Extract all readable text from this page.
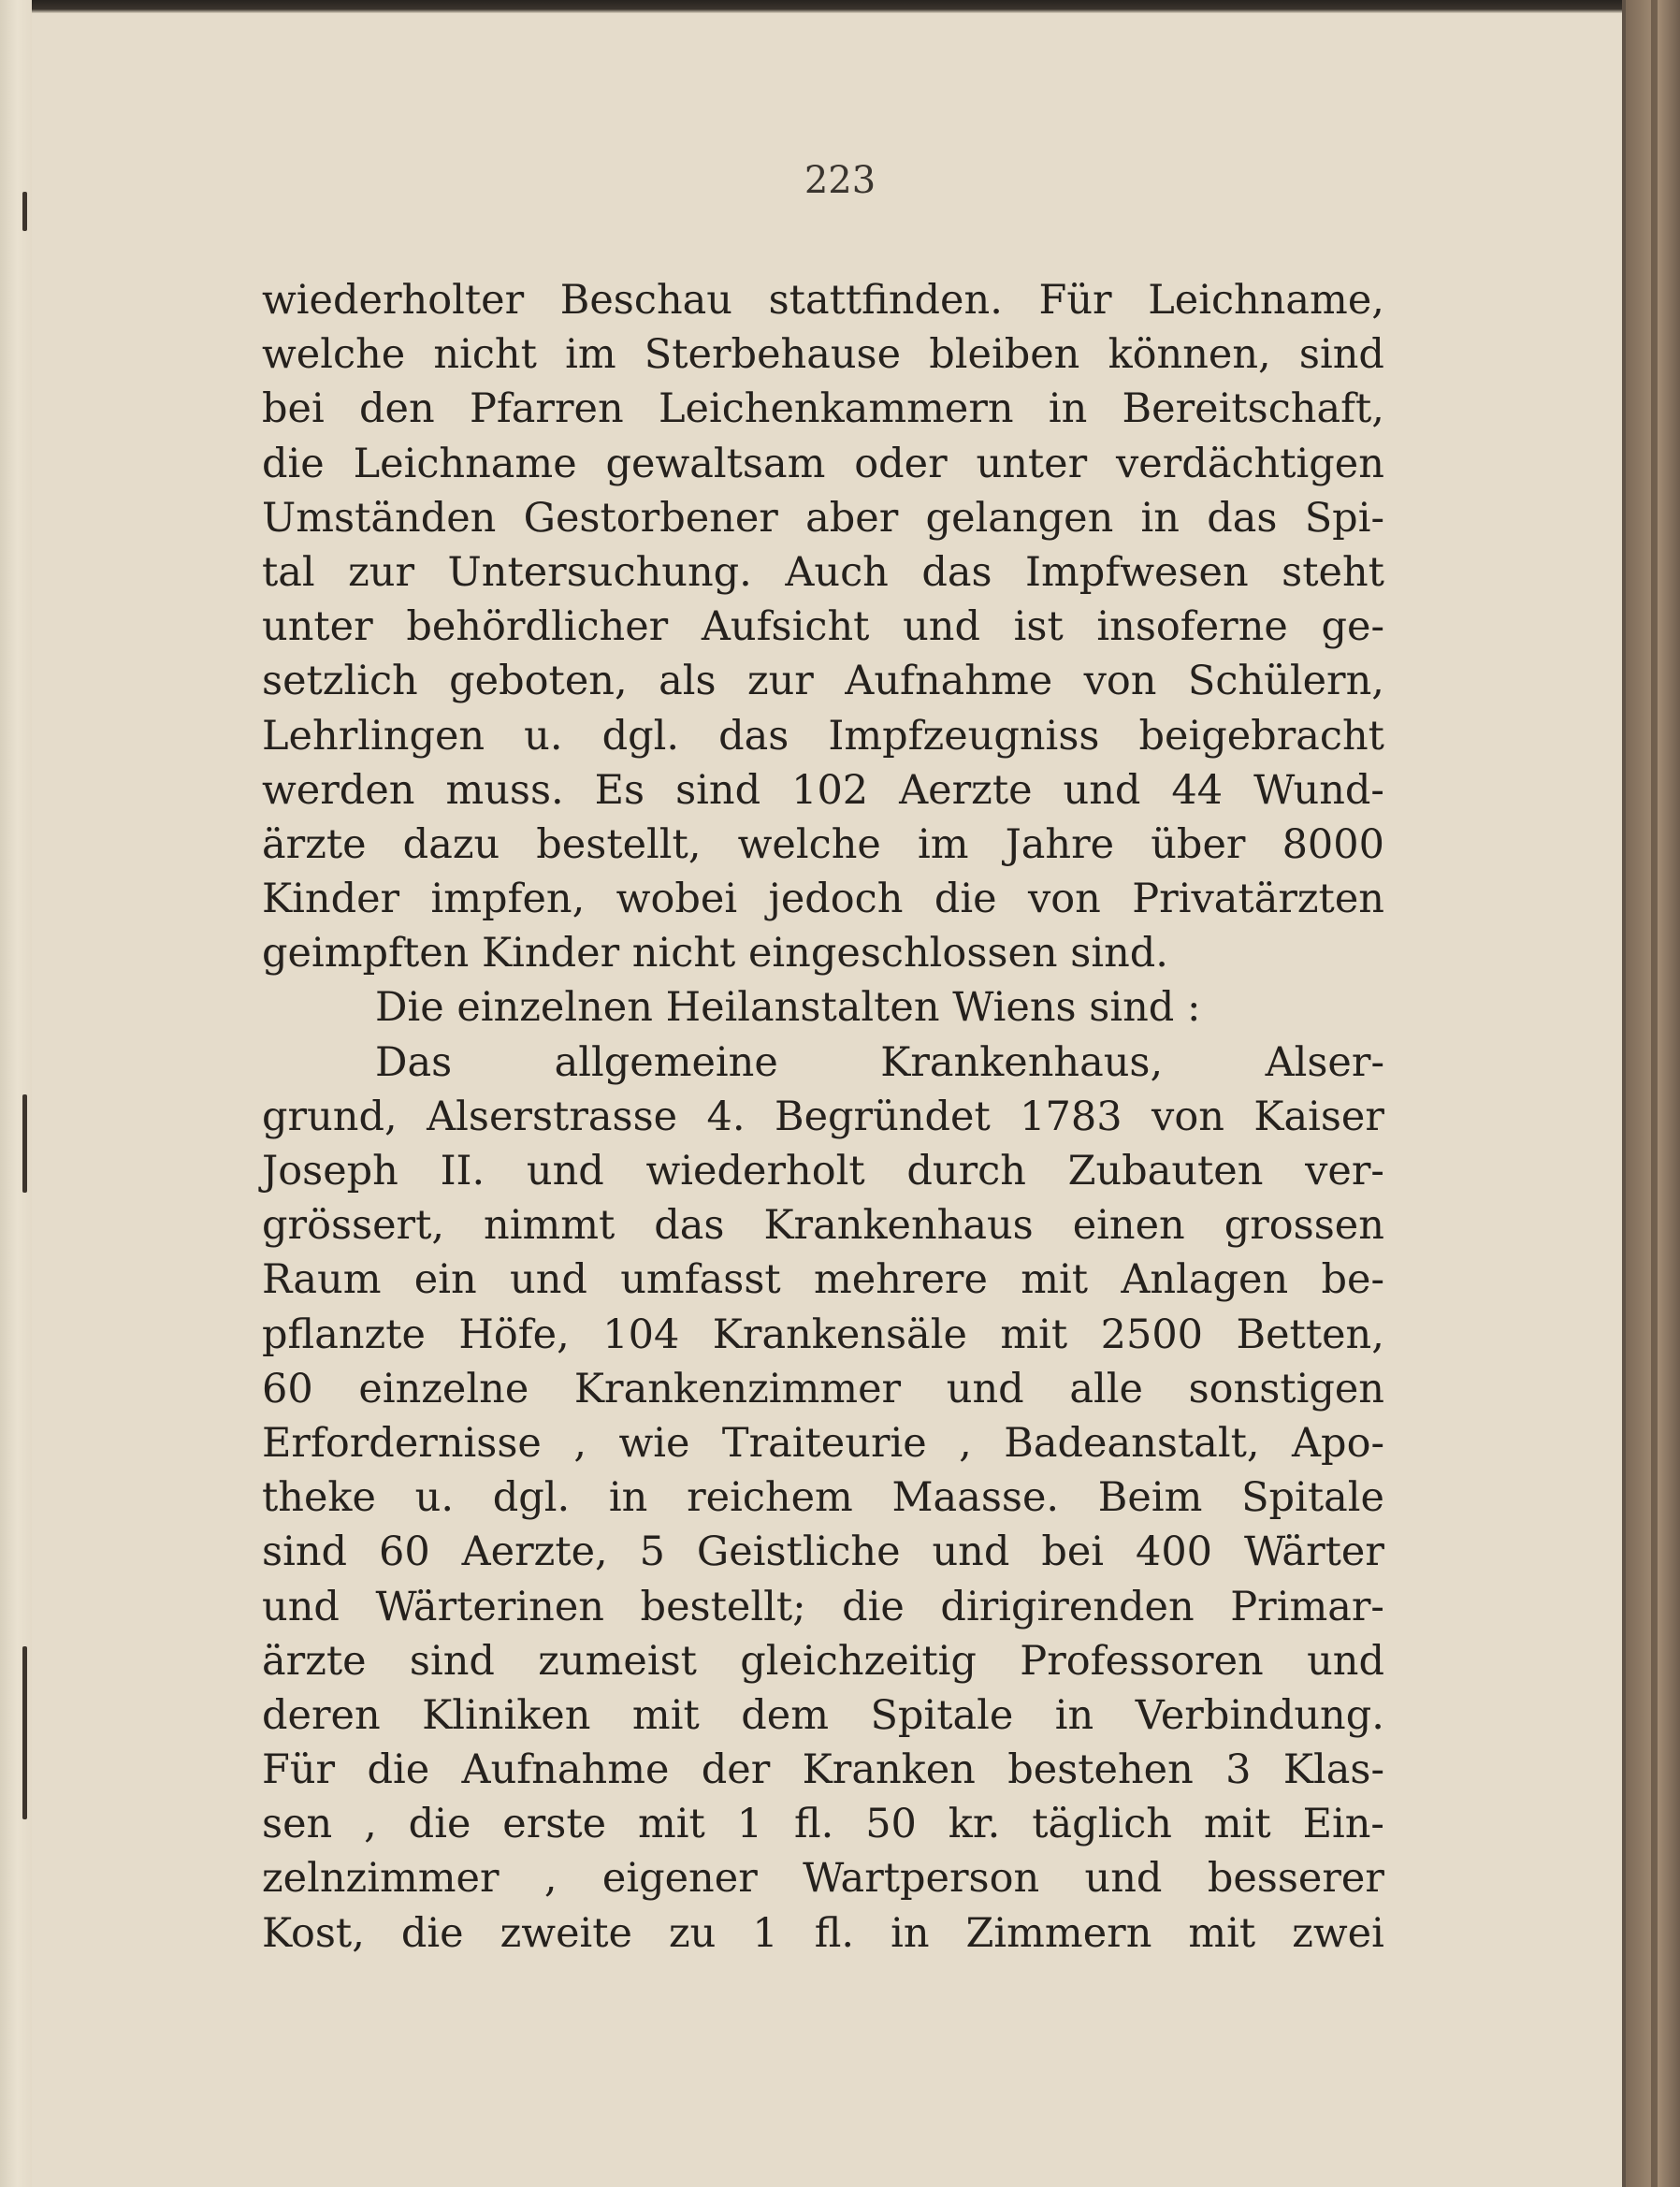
223
wiederholter Beschau stattfinden. Für Leichname,
welche nicht im Sterbehause bleiben können, sind
bei den Pfarren Leichenkammern in Bereitschaft,
die Leichname gewaltsam oder unter verdächtigen
Umständen Gestorbener aber gelangen in das Spi-
tal zur Untersuchung. Auch das Impfwesen steht
unter behördlicher Aufsicht und ist insoferne ge-
setzlich geboten, als zur Aufnahme von Schülern,
Lehrlingen u. dgl. das Impfzeugniss beigebracht
werden muss. Es sind 102 Aerzte und 44 Wund-
ärzte dazu bestellt, welche im Jahre über 8000
Kinder impfen, wobei jedoch die von Privatärzten
geimpften Kinder nicht eingeschlossen sind.
Die einzelnen Heilanstalten Wiens sind :
Das	allgemeine	Krankenhaus,	Alser-
grund, Alserstrasse 4. Begründet 1783 von Kaiser
Joseph II. und wiederholt durch Zubauten ver-
grössert, nimmt das Krankenhaus einen grossen
Raum ein und umfasst mehrere mit Anlagen be-
pflanzte Höfe, 104 Krankensäle mit 2500 Betten,
60 einzelne Krankenzimmer und alle sonstigen
Erfordernisse , wie Traiteurie , Badeanstalt, Apo-
theke u. dgl. in reichem Maasse. Beim Spitale
sind 60 Aerzte, 5 Geistliche und bei 400 Wärter
und Wärterinen bestellt; die dirigirenden Primar-
ärzte sind zumeist gleichzeitig Professoren und
deren Kliniken mit dem Spitale in Verbindung.
Für die Aufnahme der Kranken bestehen 3 Klas-
sen , die erste mit 1 fl. 50 kr. täglich mit Ein-
zelnzimmer , eigener Wartperson und besserer
Kost, die zweite zu 1 fl. in Zimmern mit zwei
